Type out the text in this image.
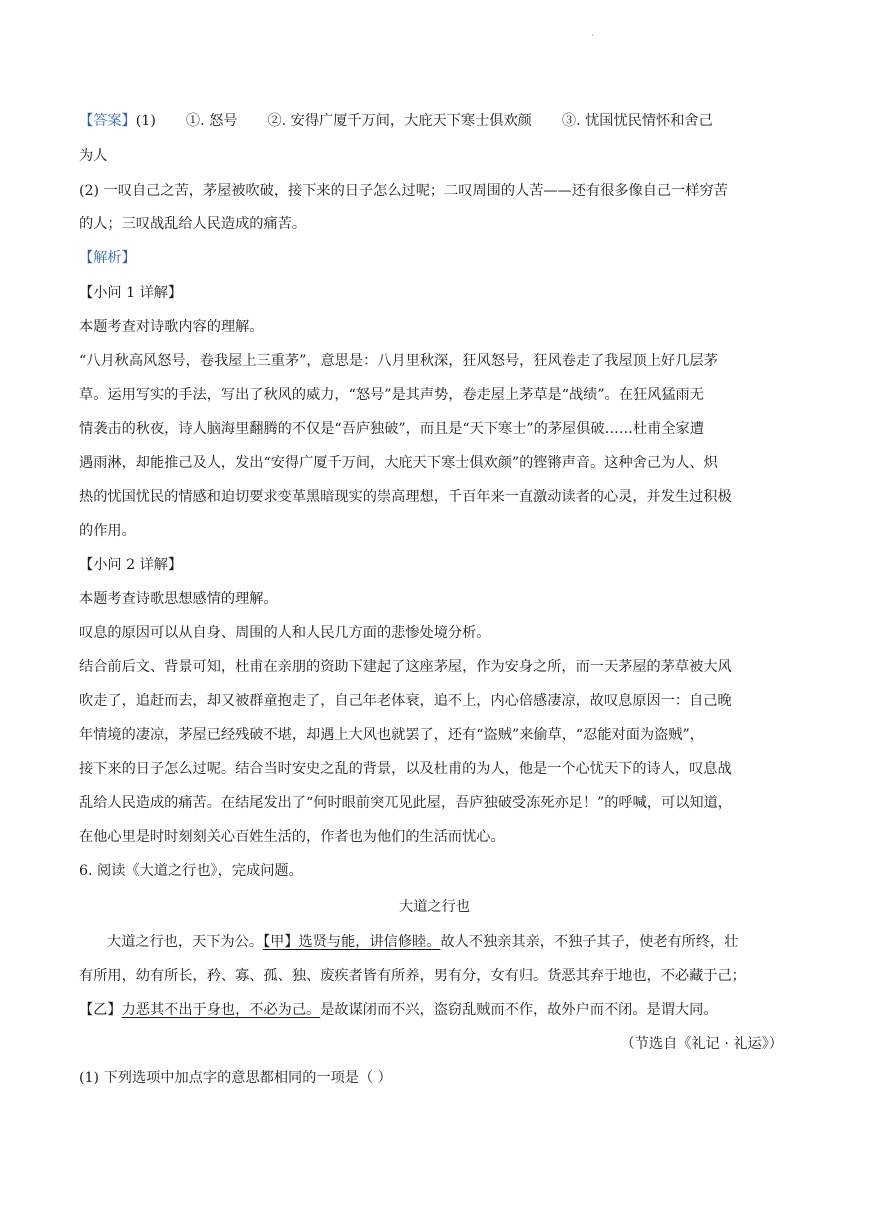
.
【答案】(1) ①. 怒号 ②. 安得广厦千万间，大庇天下寒士俱欢颜 ③. 忧国忧民情怀和舍己
为人
(2) 一叹自己之苦，茅屋被吹破，接下来的日子怎么过呢；二叹周围的人苦——还有很多像自己一样穷苦
的人；三叹战乱给人民造成的痛苦。
【解析】
【小问 1 详解】
本题考查对诗歌内容的理解。
“八月秋高风怒号，卷我屋上三重茅”，意思是：八月里秋深，狂风怒号，狂风卷走了我屋顶上好几层茅
草。运用写实的手法，写出了秋风的威力，“怒号”是其声势，卷走屋上茅草是“战绩”。在狂风猛雨无
情袭击的秋夜，诗人脑海里翻腾的不仅是“吾庐独破”，而且是“天下寒士”的茅屋俱破……杜甫全家遭
遇雨淋，却能推己及人，发出“安得广厦千万间，大庇天下寒士俱欢颜”的铿锵声音。这种舍己为人、炽
热的忧国忧民的情感和迫切要求变革黑暗现实的崇高理想，千百年来一直激动读者的心灵，并发生过积极
的作用。
【小问 2 详解】
本题考查诗歌思想感情的理解。
叹息的原因可以从自身、周围的人和人民几方面的悲惨处境分析。
结合前后文、背景可知，杜甫在亲朋的资助下建起了这座茅屋，作为安身之所，而一天茅屋的茅草被大风
吹走了，追赶而去，却又被群童抱走了，自己年老体衰，追不上，内心倍感凄凉，故叹息原因一：自己晚
年情境的凄凉，茅屋已经残破不堪，却遇上大风也就罢了，还有“盗贼”来偷草，“忍能对面为盗贼”，
接下来的日子怎么过呢。结合当时安史之乱的背景，以及杜甫的为人，他是一个心忧天下的诗人，叹息战
乱给人民造成的痛苦。在结尾发出了“何时眼前突兀见此屋，吾庐独破受冻死亦足！”的呼喊，可以知道，
在他心里是时时刻刻关心百姓生活的，作者也为他们的生活而忧心。
6. 阅读《大道之行也》，完成问题。
大道之行也
大道之行也，天下为公。【甲】选贤与能，讲信修睦。故人不独亲其亲，不独子其子，使老有所终，壮
有所用，幼有所长，矜、寡、孤、独、废疾者皆有所养，男有分，女有归。货恶其弃于地也，不必藏于己；
【乙】力恶其不出于身也，不必为己。是故谋闭而不兴，盗窃乱贼而不作，故外户而不闭。是谓大同。
（节选自《礼记 · 礼运》）
(1) 下列选项中加点字的意思都相同的一项是（ ）
